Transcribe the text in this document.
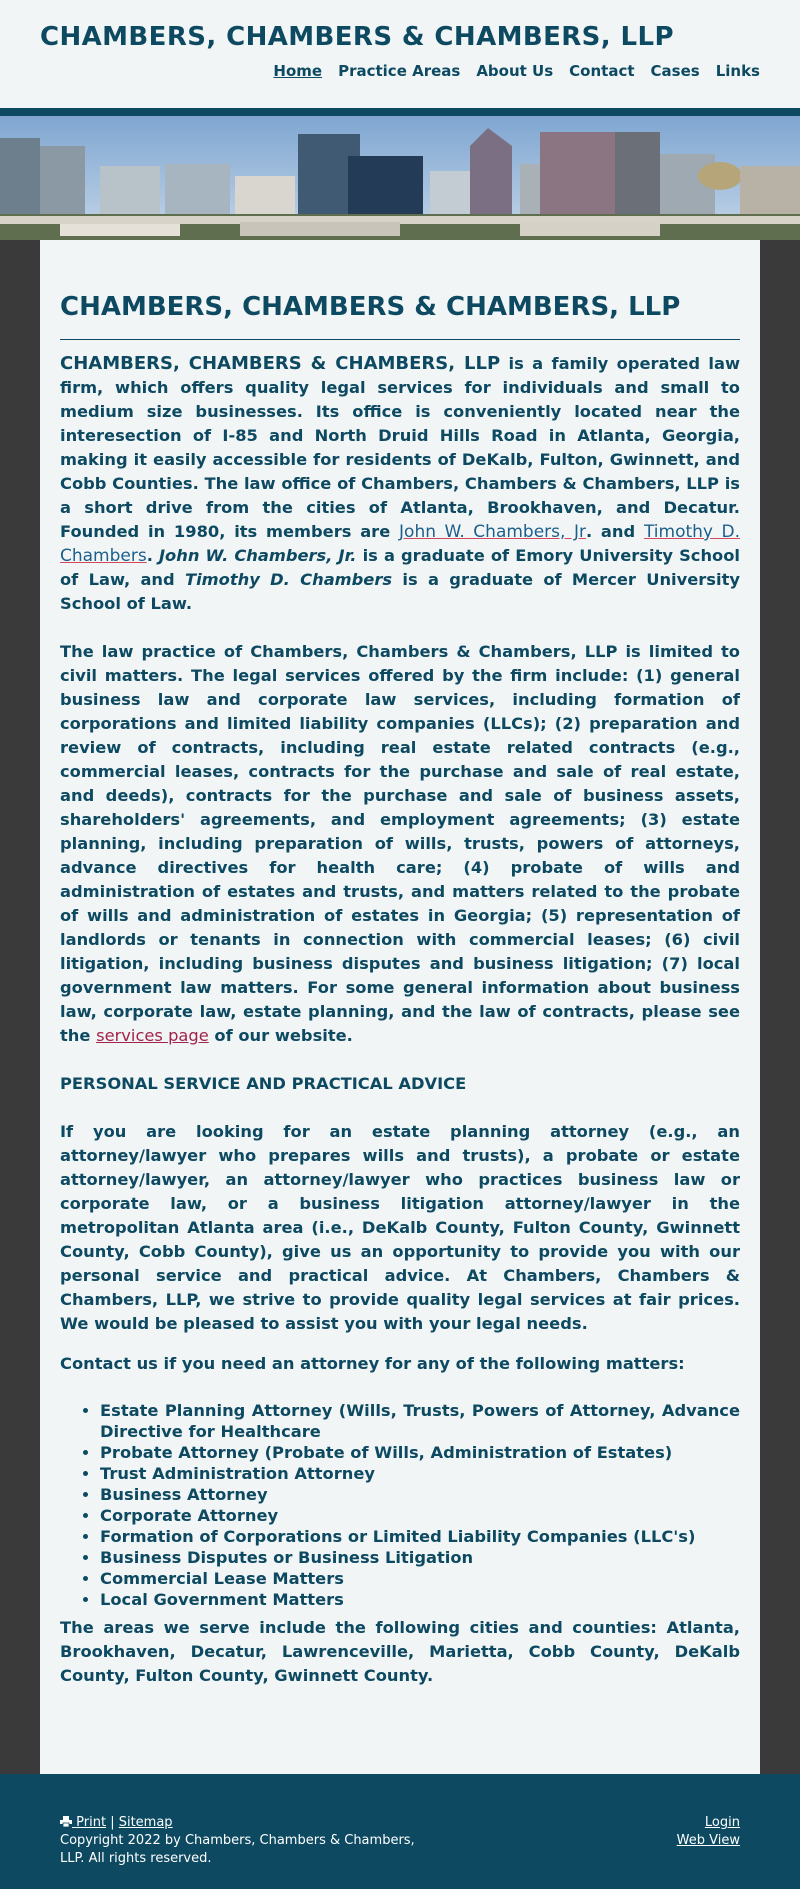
CHAMBERS, CHAMBERS & CHAMBERS, LLP
Home Practice Areas About Us Contact Cases Links
CHAMBERS, CHAMBERS & CHAMBERS, LLP

CHAMBERS, CHAMBERS & CHAMBERS, LLP is a family operated law firm, which offers quality legal services for individuals and small to medium size businesses. Its office is conveniently located near the interesection of I-85 and North Druid Hills Road in Atlanta, Georgia, making it easily accessible for residents of DeKalb, Fulton, Gwinnett, and Cobb Counties. The law office of Chambers, Chambers & Chambers, LLP is a short drive from the cities of Atlanta, Brookhaven, and Decatur. Founded in 1980, its members are John W. Chambers, Jr. and Timothy D. Chambers. John W. Chambers, Jr. is a graduate of Emory University School of Law, and Timothy D. Chambers is a graduate of Mercer University School of Law.

The law practice of Chambers, Chambers & Chambers, LLP is limited to civil matters. The legal services offered by the firm include: (1) general business law and corporate law services, including formation of corporations and limited liability companies (LLCs); (2) preparation and review of contracts, including real estate related contracts (e.g., commercial leases, contracts for the purchase and sale of real estate, and deeds), contracts for the purchase and sale of business assets, shareholders' agreements, and employment agreements; (3) estate planning, including preparation of wills, trusts, powers of attorneys, advance directives for health care; (4) probate of wills and administration of estates and trusts, and matters related to the probate of wills and administration of estates in Georgia; (5) representation of landlords or tenants in connection with commercial leases; (6) civil litigation, including business disputes and business litigation; (7) local government law matters. For some general information about business law, corporate law, estate planning, and the law of contracts, please see the services page of our website.

PERSONAL SERVICE AND PRACTICAL ADVICE

If you are looking for an estate planning attorney (e.g., an attorney/lawyer who prepares wills and trusts), a probate or estate attorney/lawyer, an attorney/lawyer who practices business law or corporate law, or a business litigation attorney/lawyer in the metropolitan Atlanta area (i.e., DeKalb County, Fulton County, Gwinnett County, Cobb County), give us an opportunity to provide you with our personal service and practical advice. At Chambers, Chambers & Chambers, LLP, we strive to provide quality legal services at fair prices. We would be pleased to assist you with your legal needs.

Contact us if you need an attorney for any of the following matters:

• Estate Planning Attorney (Wills, Trusts, Powers of Attorney, Advance Directive for Healthcare
• Probate Attorney (Probate of Wills, Administration of Estates)
• Trust Administration Attorney
• Business Attorney
• Corporate Attorney
• Formation of Corporations or Limited Liability Companies (LLC's)
• Business Disputes or Business Litigation
• Commercial Lease Matters
• Local Government Matters

The areas we serve include the following cities and counties: Atlanta, Brookhaven, Decatur, Lawrenceville, Marietta, Cobb County, DeKalb County, Fulton County, Gwinnett County.

Print | Sitemap
Copyright 2022 by Chambers, Chambers & Chambers, LLP. All rights reserved.
Login
Web View
